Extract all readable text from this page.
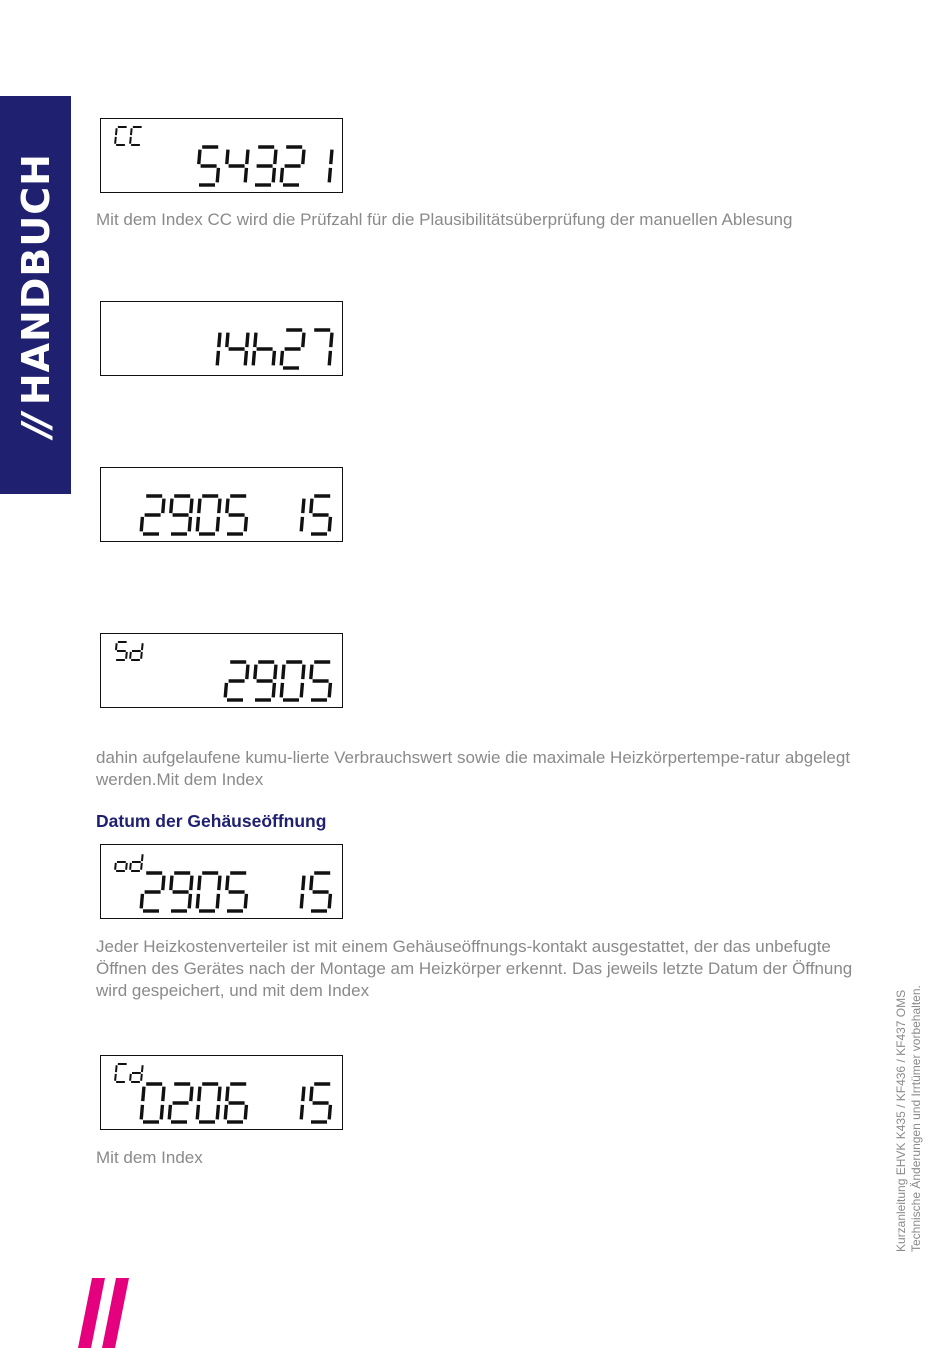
//
HANDBUCH Mit dem Index CC wird die Prüfzahl für die Plausibilitätsüberprüfung der manuellen Ablesung
dahin aufgelaufene kumu-lierte Verbrauchswert sowie die maximale Heizkörpertempe-ratur abgelegt werden.Mit dem Index
Datum der Gehäuseöffnung
Jeder Heizkostenverteiler ist mit einem Gehäuseöffnungs-kontakt ausgestattet, der das unbefugte Öffnen des Gerätes nach der Montage am Heizkörper erkennt. Das jeweils letzte Datum der Öffnung wird gespeichert, und mit dem Index
Mit dem Index	Kurzanleitung EHVK K435 / KF436 / KF437 OMS Technische Änderungen und Irrtümer vorbehalten.
